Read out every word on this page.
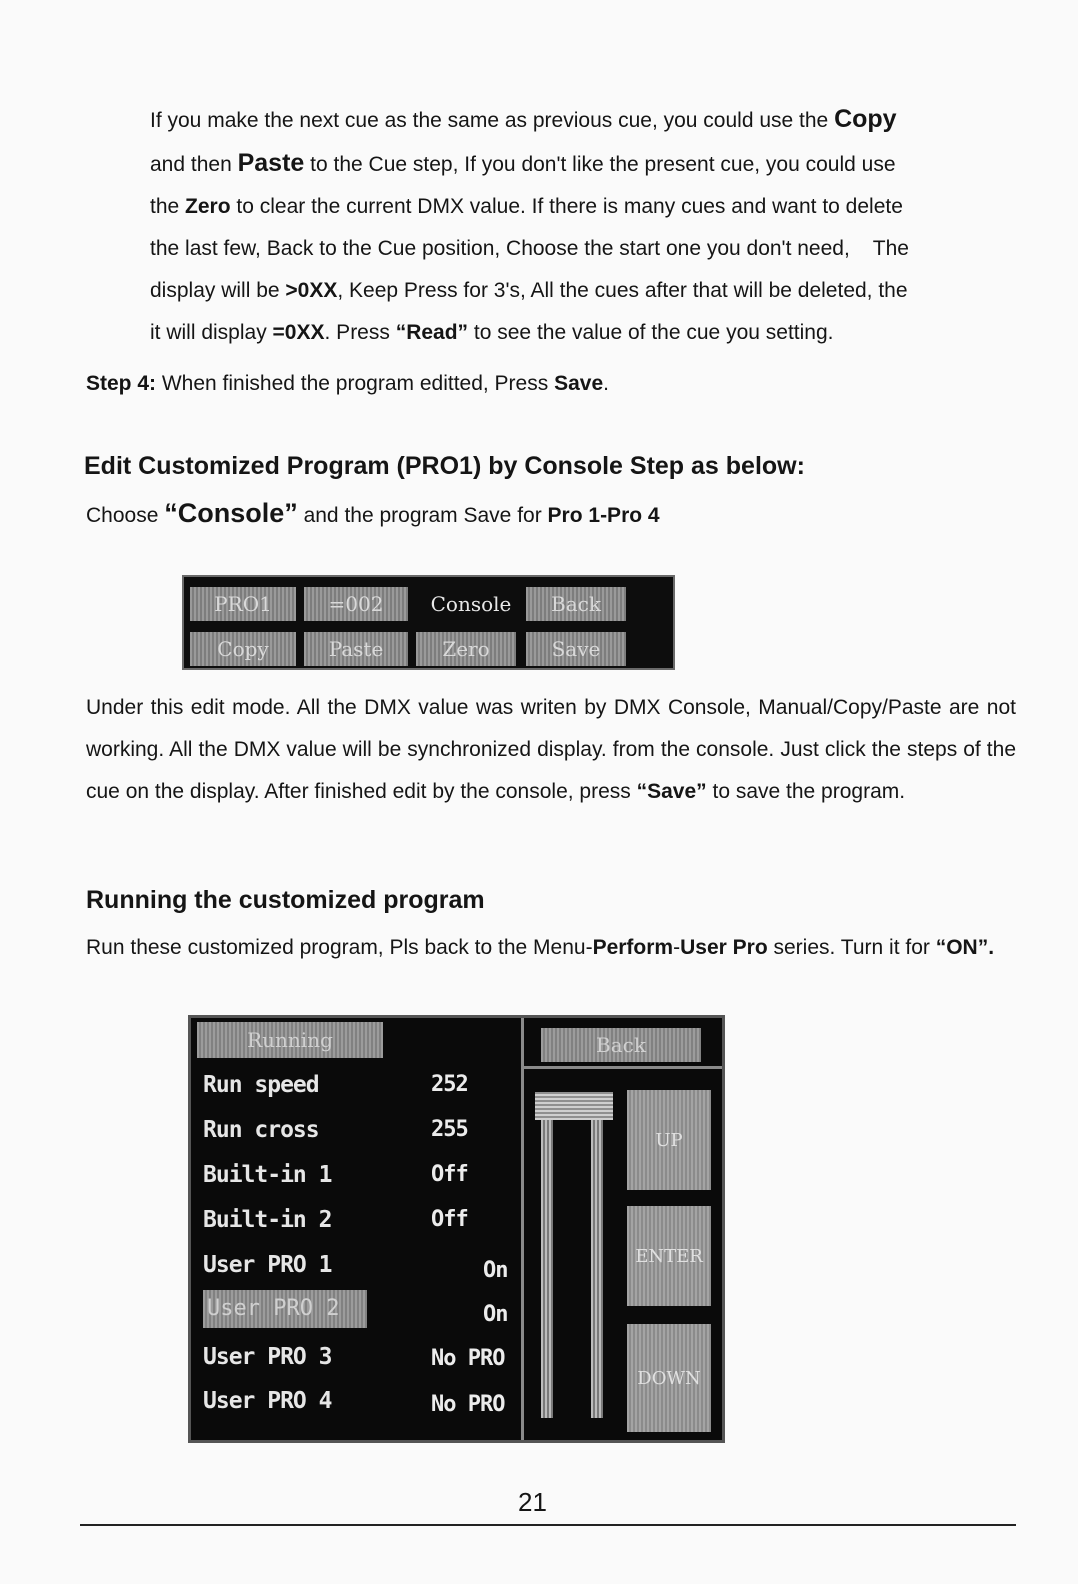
If you make the next cue as the same as previous cue, you could use the Copy
and then Paste to the Cue step, If you don't like the present cue, you could use
the Zero to clear the current DMX value. If there is many cues and want to delete
the last few, Back to the Cue position, Choose the start one you don't need,    The
display will be >0XX, Keep Press for 3's, All the cues after that will be deleted, the
it will display =0XX. Press “Read” to see the value of the cue you setting.
Step 4: When finished the program editted, Press Save.
Edit Customized Program (PRO1) by Console Step as below:
Choose “Console” and the program Save for Pro 1-Pro 4
PRO1	=002	Console	Back
Copy	Paste	Zero	Save
Under this edit mode. All the DMX value was writen by DMX Console, Manual/Copy/Paste are not working. All the DMX value will be synchronized display. from the console. Just click the steps of the cue on the display. After finished edit by the console, press “Save” to save the program.
Running the customized program
Run these customized program, Pls back to the Menu-Perform-User Pro series. Turn it for “ON”.
Running	Back
Run speed	252
Run cross	255
Built-in 1	Off
Built-in 2	Off
User PRO 1	On
User PRO 2	On
User PRO 3	No PRO
User PRO 4	No PRO
UP
ENTER
DOWN
21
